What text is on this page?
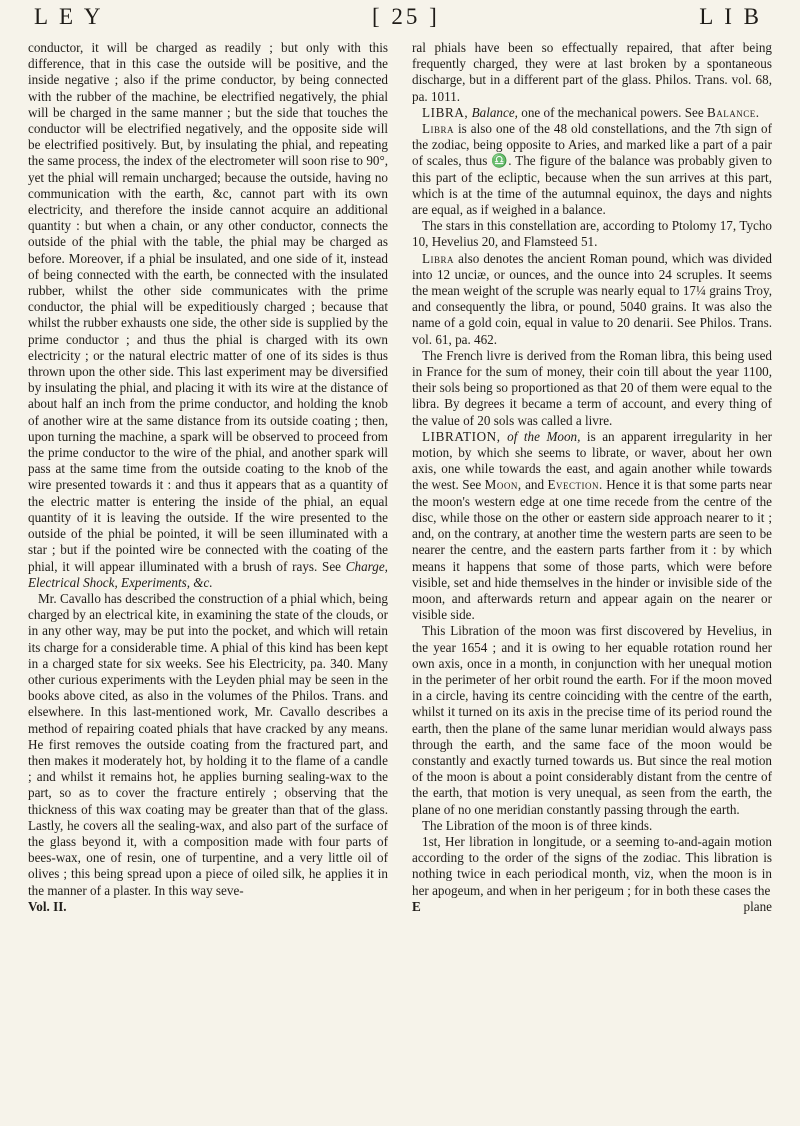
L E Y	[ 25 ]	L I B

conductor, it will be charged as readily ; but only with this difference, that in this case the outside will be positive, and the inside negative ; also if the prime conductor, by being connected with the rubber of the machine, be electrified negatively, the phial will be charged in the same manner ; but the side that touches the conductor will be electrified negatively, and the opposite side will be electrified positively. But, by insulating the phial, and repeating the same process, the index of the electrometer will soon rise to 90°, yet the phial will remain uncharged; because the outside, having no communication with the earth, &c, cannot part with its own electricity, and therefore the inside cannot acquire an additional quantity : but when a chain, or any other conductor, connects the outside of the phial with the table, the phial may be charged as before. Moreover, if a phial be insulated, and one side of it, instead of being connected with the earth, be connected with the insulated rubber, whilst the other side communicates with the prime conductor, the phial will be expeditiously charged ; because that whilst the rubber exhausts one side, the other side is supplied by the prime conductor ; and thus the phial is charged with its own electricity ; or the natural electric matter of one of its sides is thus thrown upon the other side. This last experiment may be diversified by insulating the phial, and placing it with its wire at the distance of about half an inch from the prime conductor, and holding the knob of another wire at the same distance from its outside coating ; then, upon turning the machine, a spark will be observed to proceed from the prime conductor to the wire of the phial, and another spark will pass at the same time from the outside coating to the knob of the wire presented towards it : and thus it appears that as a quantity of the electric matter is entering the inside of the phial, an equal quantity of it is leaving the outside. If the wire presented to the outside of the phial be pointed, it will be seen illuminated with a star ; but if the pointed wire be connected with the coating of the phial, it will appear illuminated with a brush of rays. See Charge, Electrical Shock, Experiments, &c.

Mr. Cavallo has described the construction of a phial which, being charged by an electrical kite, in examining the state of the clouds, or in any other way, may be put into the pocket, and which will retain its charge for a considerable time. A phial of this kind has been kept in a charged state for six weeks. See his Electricity, pa. 340. Many other curious experiments with the Leyden phial may be seen in the books above cited, as also in the volumes of the Philos. Trans. and elsewhere. In this last-mentioned work, Mr. Cavallo describes a method of repairing coated phials that have cracked by any means. He first removes the outside coating from the fractured part, and then makes it moderately hot, by holding it to the flame of a candle ; and whilst it remains hot, he applies burning sealing-wax to the part, so as to cover the fracture entirely ; observing that the thickness of this wax coating may be greater than that of the glass. Lastly, he covers all the sealing-wax, and also part of the surface of the glass beyond it, with a composition made with four parts of bees-wax, one of resin, one of turpentine, and a very little oil of olives ; this being spread upon a piece of oiled silk, he applies it in the manner of a plaster. In this way seve-

Vol. II.

ral phials have been so effectually repaired, that after being frequently charged, they were at last broken by a spontaneous discharge, but in a different part of the glass. Philos. Trans. vol. 68, pa. 1011.

LIBRA, Balance, one of the mechanical powers. See Balance.

Libra is also one of the 48 old constellations, and the 7th sign of the zodiac, being opposite to Aries, and marked like a part of a pair of scales, thus ♎. The figure of the balance was probably given to this part of the ecliptic, because when the sun arrives at this part, which is at the time of the autumnal equinox, the days and nights are equal, as if weighed in a balance.

The stars in this constellation are, according to Ptolomy 17, Tycho 10, Hevelius 20, and Flamsteed 51.

Libra also denotes the ancient Roman pound, which was divided into 12 unciæ, or ounces, and the ounce into 24 scruples. It seems the mean weight of the scruple was nearly equal to 17¼ grains Troy, and consequently the libra, or pound, 5040 grains. It was also the name of a gold coin, equal in value to 20 denarii. See Philos. Trans. vol. 61, pa. 462.

The French livre is derived from the Roman libra, this being used in France for the sum of money, their coin till about the year 1100, their sols being so proportioned as that 20 of them were equal to the libra. By degrees it became a term of account, and every thing of the value of 20 sols was called a livre.

LIBRATION, of the Moon, is an apparent irregularity in her motion, by which she seems to librate, or waver, about her own axis, one while towards the east, and again another while towards the west. See Moon, and Evection. Hence it is that some parts near the moon's western edge at one time recede from the centre of the disc, while those on the other or eastern side approach nearer to it ; and, on the contrary, at another time the western parts are seen to be nearer the centre, and the eastern parts farther from it : by which means it happens that some of those parts, which were before visible, set and hide themselves in the hinder or invisible side of the moon, and afterwards return and appear again on the nearer or visible side.

This Libration of the moon was first discovered by Hevelius, in the year 1654 ; and it is owing to her equable rotation round her own axis, once in a month, in conjunction with her unequal motion in the perimeter of her orbit round the earth. For if the moon moved in a circle, having its centre coinciding with the centre of the earth, whilst it turned on its axis in the precise time of its period round the earth, then the plane of the same lunar meridian would always pass through the earth, and the same face of the moon would be constantly and exactly turned towards us. But since the real motion of the moon is about a point considerably distant from the centre of the earth, that motion is very unequal, as seen from the earth, the plane of no one meridian constantly passing through the earth.

The Libration of the moon is of three kinds.

1st, Her libration in longitude, or a seeming to-and-again motion according to the order of the signs of the zodiac. This libration is nothing twice in each periodical month, viz, when the moon is in her apogeum, and when in her perigeum ; for in both these cases the

E	plane
